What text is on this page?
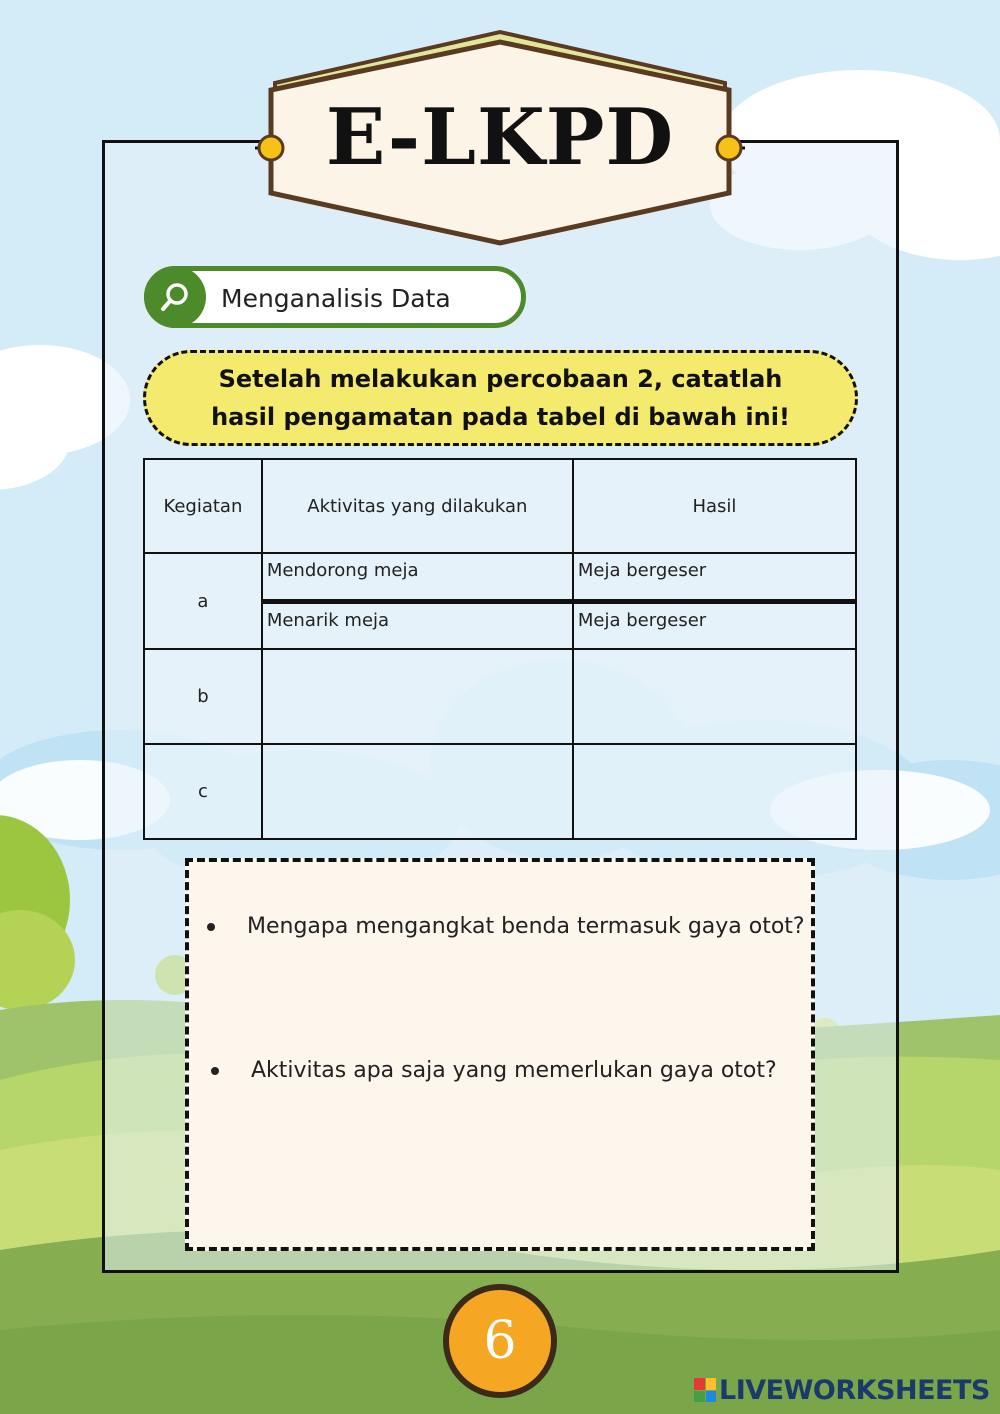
E-LKPD
Menganalisis Data
Setelah melakukan percobaan 2, catatlah hasil pengamatan pada tabel di bawah ini!
Kegiatan	Aktivitas yang dilakukan	Hasil
a	Mendorong meja	Meja bergeser
	Menarik meja	Meja bergeser
b		
c		
Mengapa mengangkat benda termasuk gaya otot?
Aktivitas apa saja yang memerlukan gaya otot?
6
LIVEWORKSHEETS
